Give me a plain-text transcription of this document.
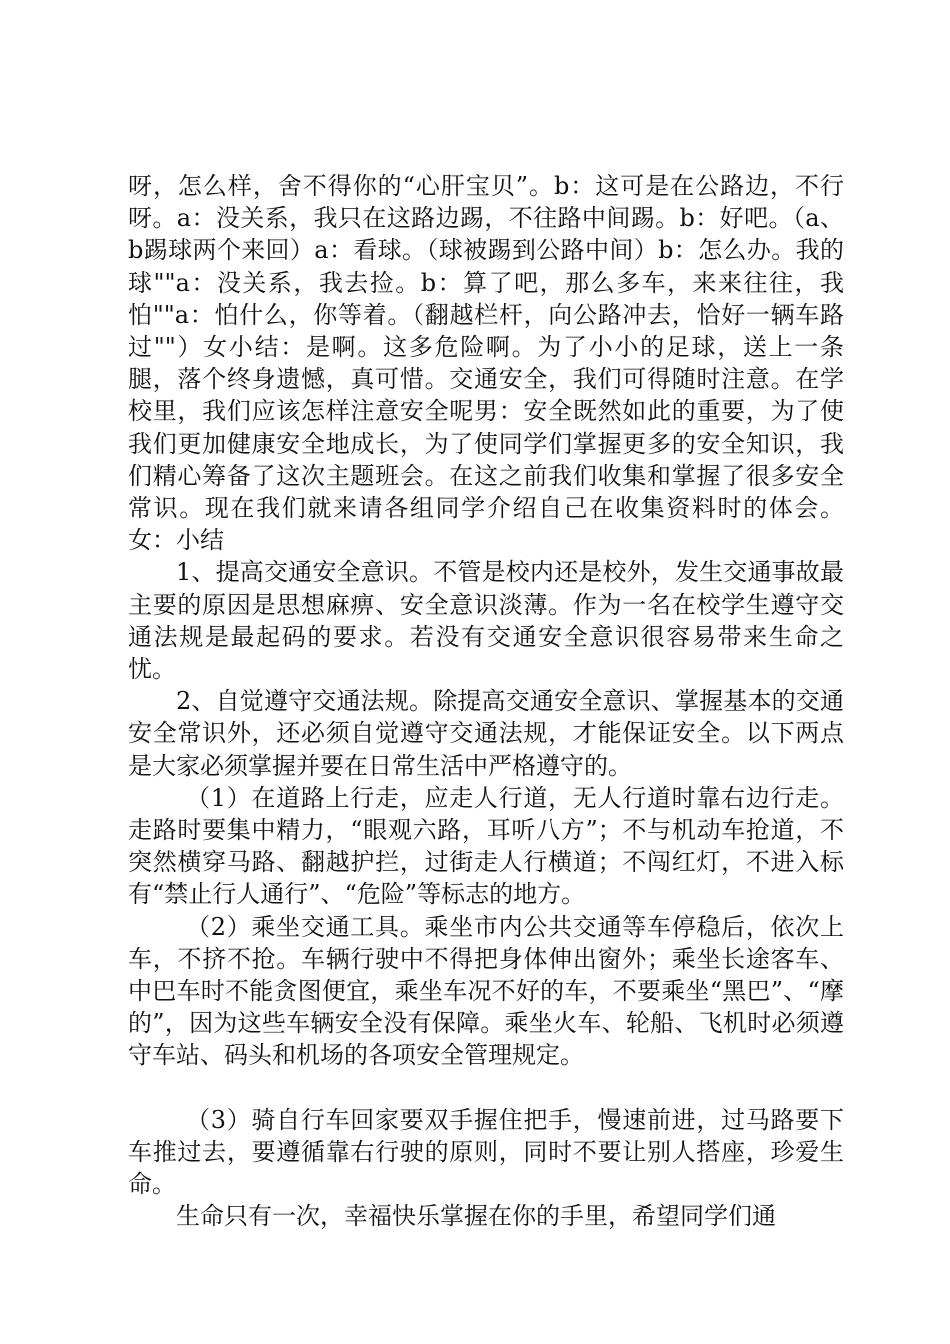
呀，怎么样，舍不得你的“心肝宝贝”。b：这可是在公路边，不行呀。a：没关系，我只在这路边踢，不往路中间踢。b：好吧。（a、b踢球两个来回）a：看球。（球被踢到公路中间）b：怎么办。我的球""a：没关系，我去捡。b：算了吧，那么多车，来来往往，我怕""a：怕什么，你等着。（翻越栏杆，向公路冲去，恰好一辆车路过""）女小结：是啊。这多危险啊。为了小小的足球，送上一条腿，落个终身遗憾，真可惜。交通安全，我们可得随时注意。在学校里，我们应该怎样注意安全呢男：安全既然如此的重要，为了使我们更加健康安全地成长，为了使同学们掌握更多的安全知识，我们精心筹备了这次主题班会。在这之前我们收集和掌握了很多安全常识。现在我们就来请各组同学介绍自己在收集资料时的体会。女：小结

1、提高交通安全意识。不管是校内还是校外，发生交通事故最主要的原因是思想麻痹、安全意识淡薄。作为一名在校学生遵守交通法规是最起码的要求。若没有交通安全意识很容易带来生命之忧。

2、自觉遵守交通法规。除提高交通安全意识、掌握基本的交通安全常识外，还必须自觉遵守交通法规，才能保证安全。以下两点是大家必须掌握并要在日常生活中严格遵守的。

（1）在道路上行走，应走人行道，无人行道时靠右边行走。走路时要集中精力，“眼观六路，耳听八方”；不与机动车抢道，不突然横穿马路、翻越护拦，过街走人行横道；不闯红灯，不进入标有“禁止行人通行”、“危险”等标志的地方。

（2）乘坐交通工具。乘坐市内公共交通等车停稳后，依次上车，不挤不抢。车辆行驶中不得把身体伸出窗外；乘坐长途客车、中巴车时不能贪图便宜，乘坐车况不好的车，不要乘坐“黑巴”、“摩的”，因为这些车辆安全没有保障。乘坐火车、轮船、飞机时必须遵守车站、码头和机场的各项安全管理规定。

（3）骑自行车回家要双手握住把手，慢速前进，过马路要下车推过去，要遵循靠右行驶的原则，同时不要让别人搭座，珍爱生命。

生命只有一次，幸福快乐掌握在你的手里，希望同学们通
